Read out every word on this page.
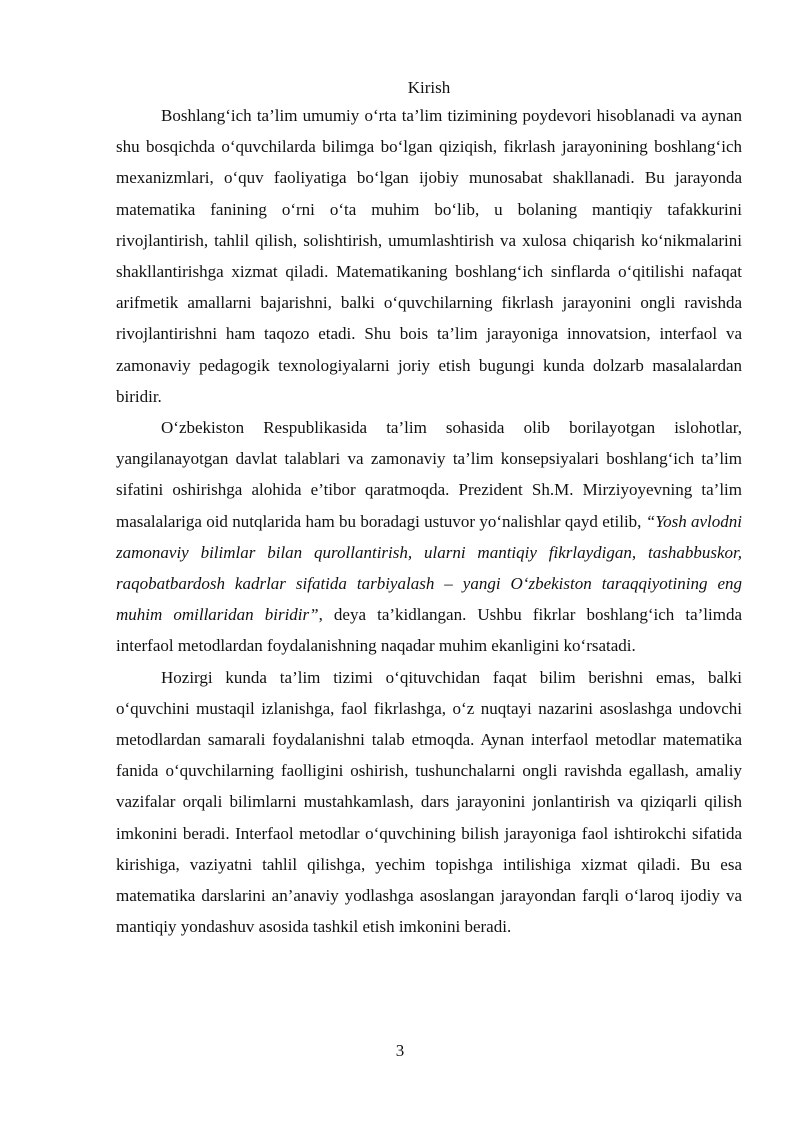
Kirish

Boshlang‘ich ta’lim umumiy o‘rta ta’lim tizimining poydevori hisoblanadi va aynan shu bosqichda o‘quvchilarda bilimga bo‘lgan qiziqish, fikrlash jarayonining boshlang‘ich mexanizmlari, o‘quv faoliyatiga bo‘lgan ijobiy munosabat shakllanadi. Bu jarayonda matematika fanining o‘rni o‘ta muhim bo‘lib, u bolaning mantiqiy tafakkurini rivojlantirish, tahlil qilish, solishtirish, umumlashtirish va xulosa chiqarish ko‘nikmalarini shakllantirishga xizmat qiladi. Matematikaning boshlang‘ich sinflarda o‘qitilishi nafaqat arifmetik amallarni bajarishni, balki o‘quvchilarning fikrlash jarayonini ongli ravishda rivojlantirishni ham taqozo etadi. Shu bois ta’lim jarayoniga innovatsion, interfaol va zamonaviy pedagogik texnologiyalarni joriy etish bugungi kunda dolzarb masalalardan biridir.

O‘zbekiston Respublikasida ta’lim sohasida olib borilayotgan islohotlar, yangilanayotgan davlat talablari va zamonaviy ta’lim konsepsiyalari boshlang‘ich ta’lim sifatini oshirishga alohida e’tibor qaratmoqda. Prezident Sh.M. Mirziyoyevning ta’lim masalalariga oid nutqlarida ham bu boradagi ustuvor yo‘nalishlar qayd etilib, “Yosh avlodni zamonaviy bilimlar bilan qurollantirish, ularni mantiqiy fikrlaydigan, tashabbuskor, raqobatbardosh kadrlar sifatida tarbiyalash – yangi O‘zbekiston taraqqiyotining eng muhim omillaridan biridir”, deya ta’kidlangan. Ushbu fikrlar boshlang‘ich ta’limda interfaol metodlardan foydalanishning naqadar muhim ekanligini ko‘rsatadi.

Hozirgi kunda ta’lim tizimi o‘qituvchidan faqat bilim berishni emas, balki o‘quvchini mustaqil izlanishga, faol fikrlashga, o‘z nuqtayi nazarini asoslashga undovchi metodlardan samarali foydalanishni talab etmoqda. Aynan interfaol metodlar matematika fanida o‘quvchilarning faolligini oshirish, tushunchalarni ongli ravishda egallash, amaliy vazifalar orqali bilimlarni mustahkamlash, dars jarayonini jonlantirish va qiziqarli qilish imkonini beradi. Interfaol metodlar o‘quvchining bilish jarayoniga faol ishtirokchi sifatida kirishiga, vaziyatni tahlil qilishga, yechim topishga intilishiga xizmat qiladi. Bu esa matematika darslarini an’anaviy yodlashga asoslangan jarayondan farqli o‘laroq ijodiy va mantiqiy yondashuv asosida tashkil etish imkonini beradi.

3
